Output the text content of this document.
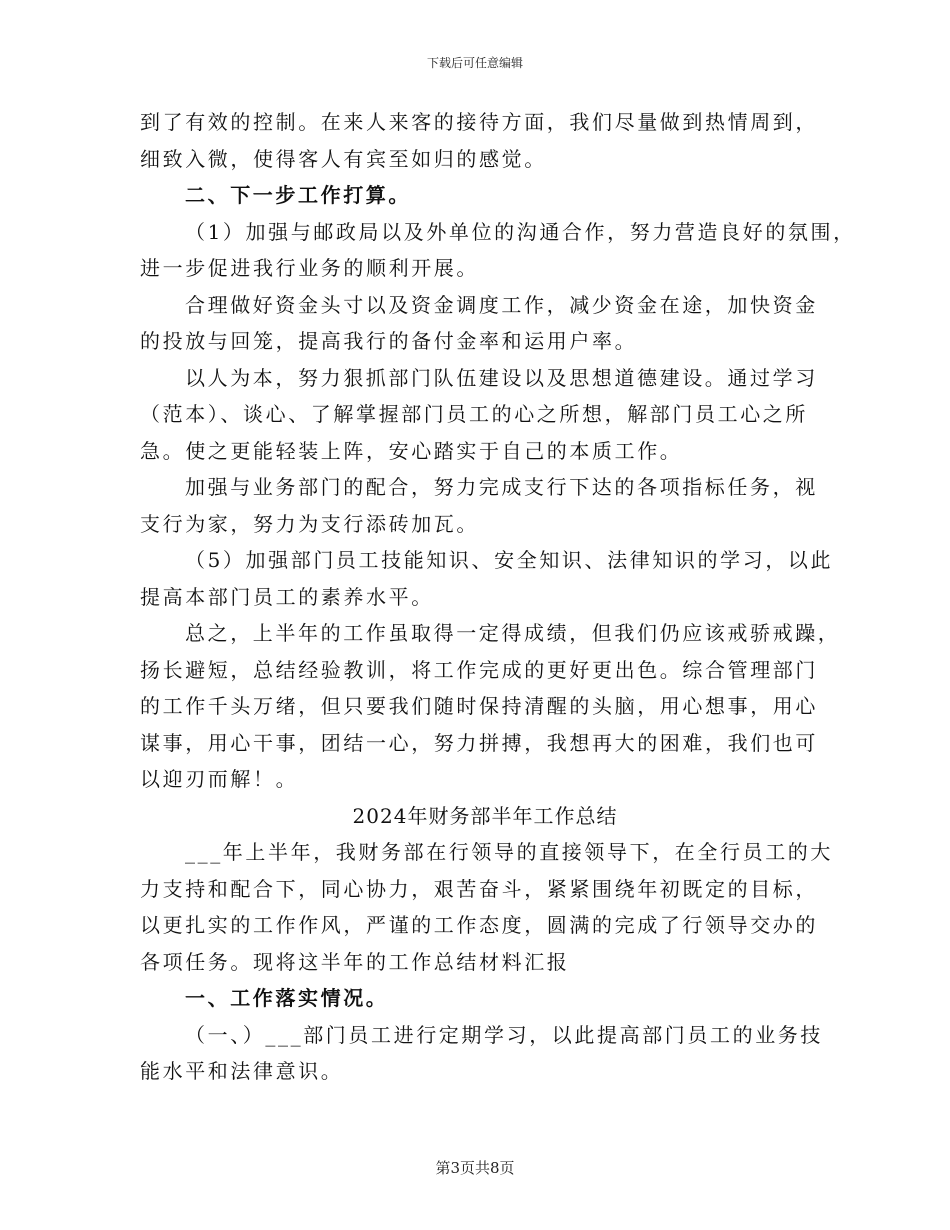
下载后可任意编辑
到了有效的控制。在来人来客的接待方面，我们尽量做到热情周到，
细致入微，使得客人有宾至如归的感觉。
二、下一步工作打算。
（1）加强与邮政局以及外单位的沟通合作，努力营造良好的氛围，
进一步促进我行业务的顺利开展。
合理做好资金头寸以及资金调度工作，减少资金在途，加快资金
的投放与回笼，提高我行的备付金率和运用户率。
以人为本，努力狠抓部门队伍建设以及思想道德建设。通过学习
（范本）、谈心、了解掌握部门员工的心之所想，解部门员工心之所
急。使之更能轻装上阵，安心踏实于自己的本质工作。
加强与业务部门的配合，努力完成支行下达的各项指标任务，视
支行为家，努力为支行添砖加瓦。
（5）加强部门员工技能知识、安全知识、法律知识的学习，以此
提高本部门员工的素养水平。
总之，上半年的工作虽取得一定得成绩，但我们仍应该戒骄戒躁，
扬长避短，总结经验教训，将工作完成的更好更出色。综合管理部门
的工作千头万绪，但只要我们随时保持清醒的头脑，用心想事，用心
谋事，用心干事，团结一心，努力拼搏，我想再大的困难，我们也可
以迎刃而解！。
2024年财务部半年工作总结
___年上半年，我财务部在行领导的直接领导下，在全行员工的大
力支持和配合下，同心协力，艰苦奋斗，紧紧围绕年初既定的目标，
以更扎实的工作作风，严谨的工作态度，圆满的完成了行领导交办的
各项任务。现将这半年的工作总结材料汇报
一、工作落实情况。
（一、）___部门员工进行定期学习，以此提高部门员工的业务技
能水平和法律意识。
第3页共8页
